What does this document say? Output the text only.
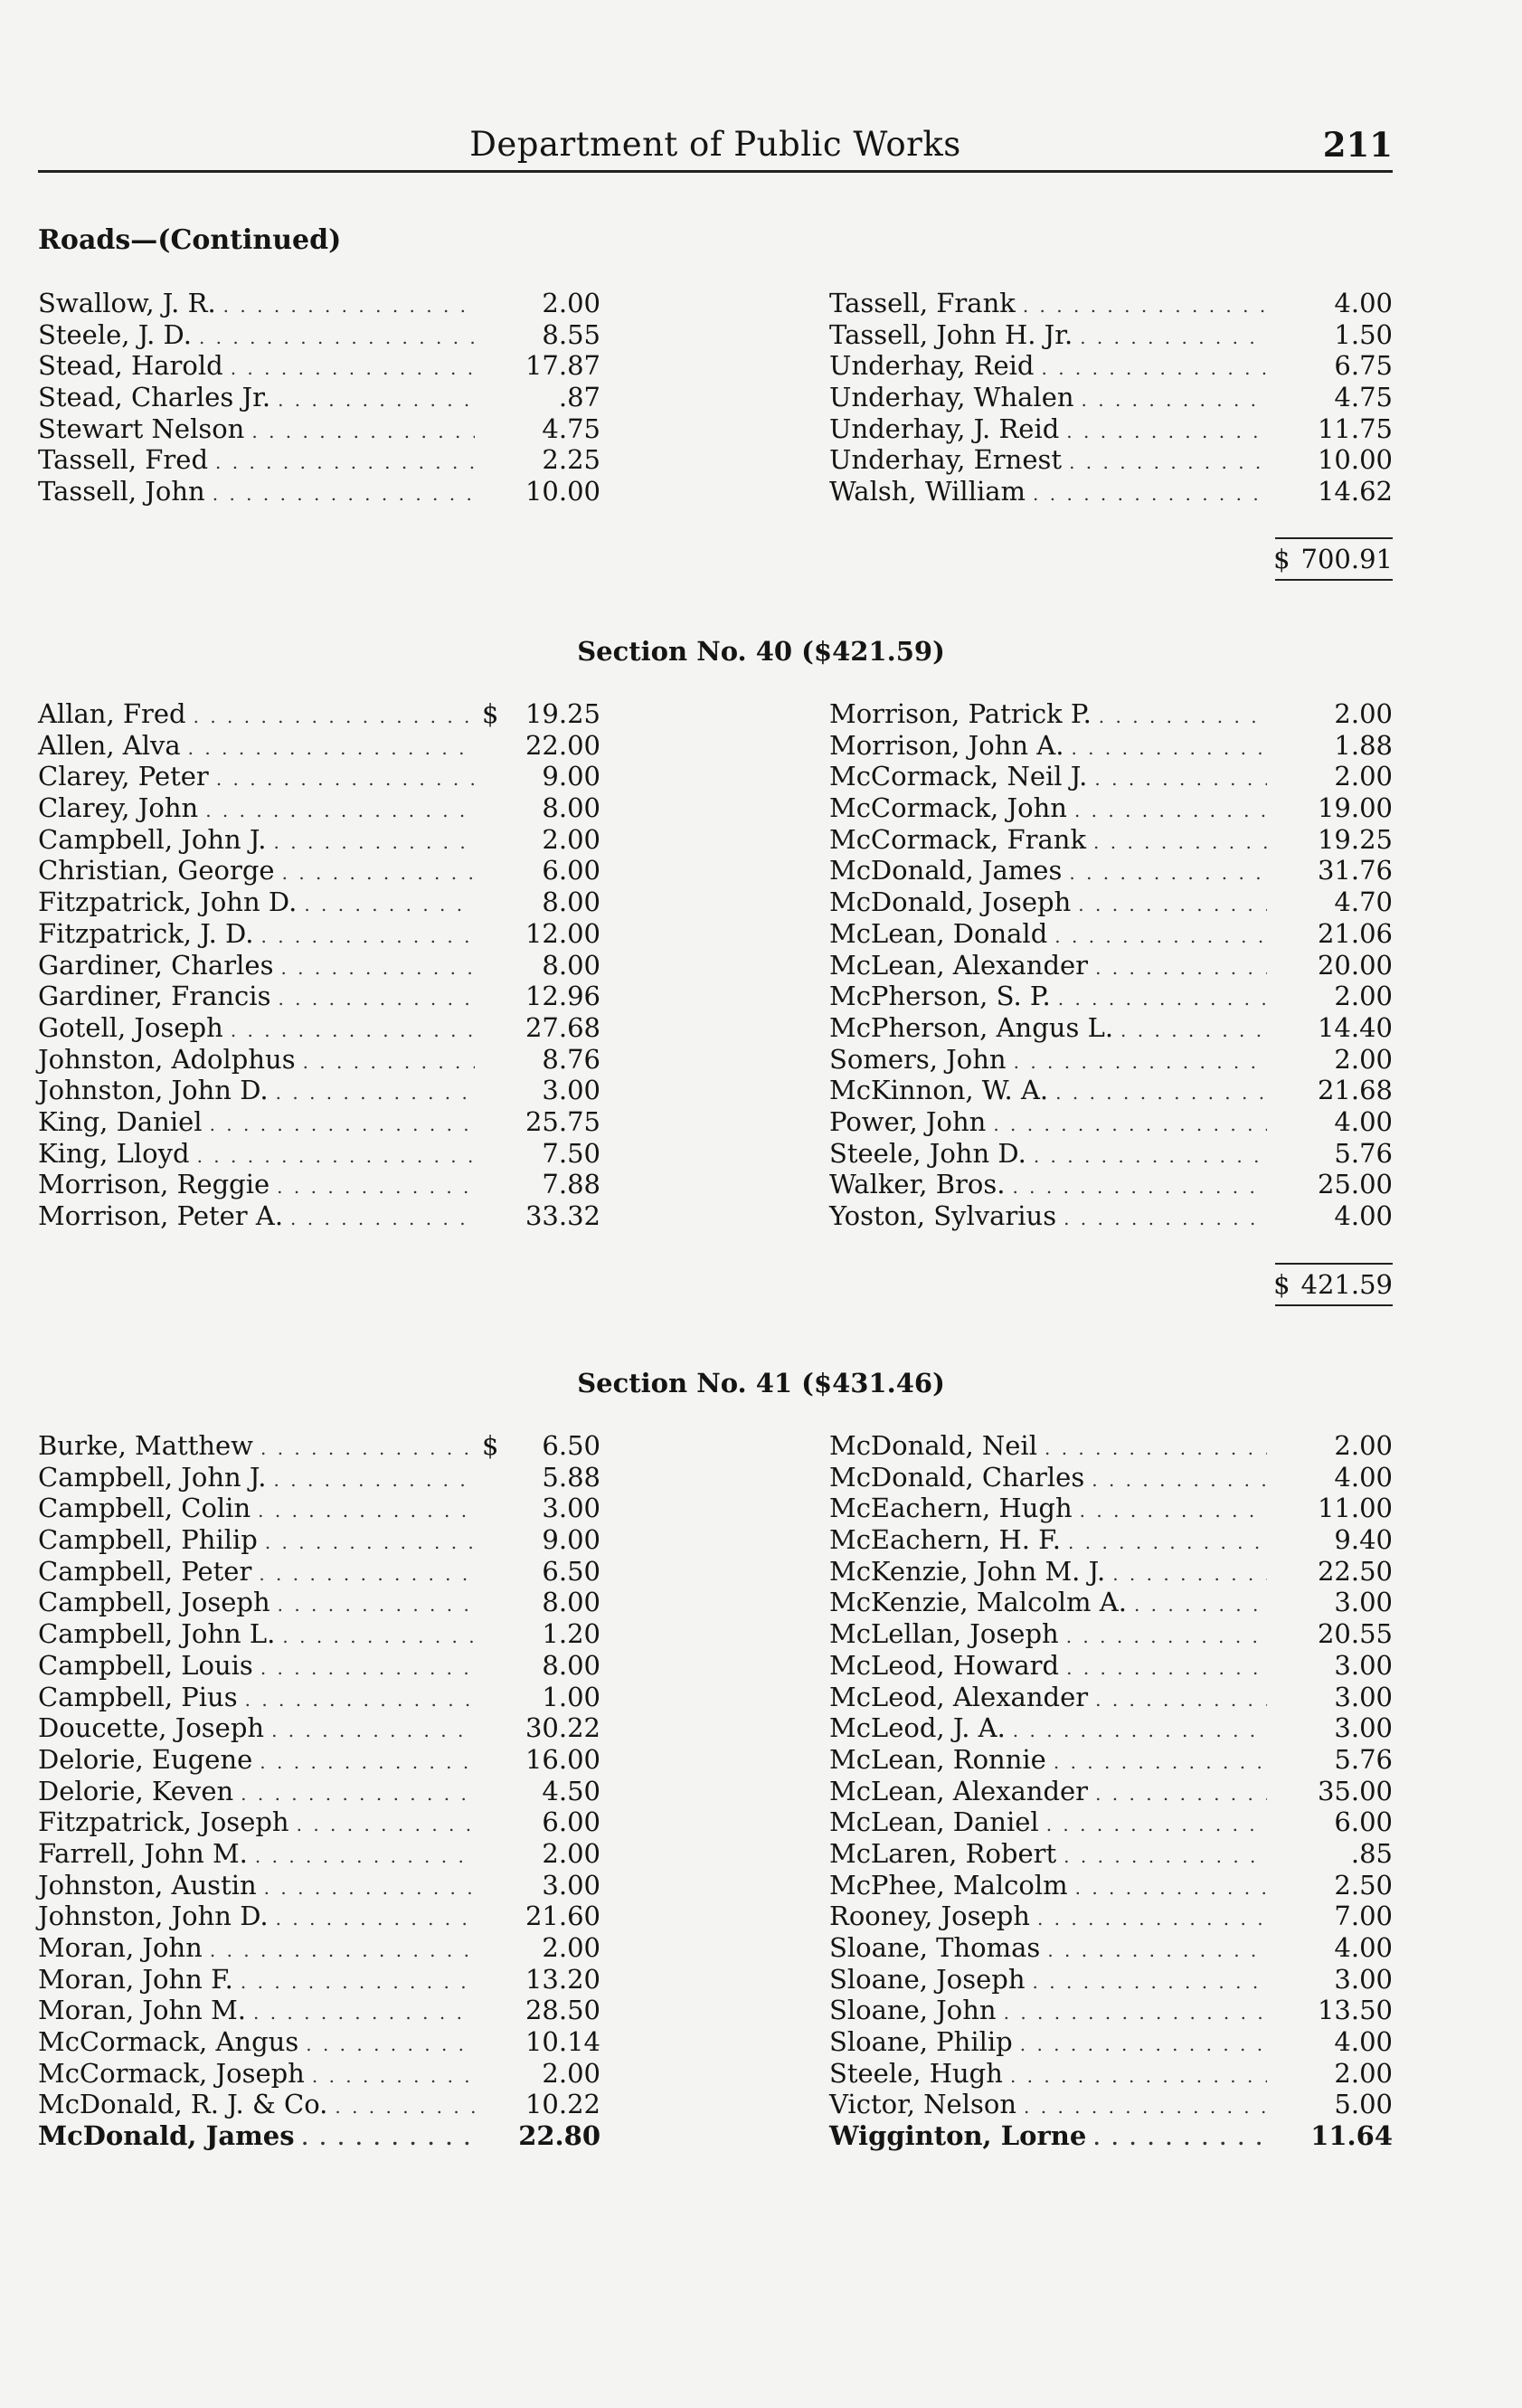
Department of Public Works	211
Roads—(Continued)
Swallow, J. R. . . .	2.00
Steele, J. D. . . .	8.55
Stead, Harold . . .	17.87
Stead, Charles Jr. . . .	.87
Stewart Nelson . . .	4.75
Tassell, Fred . . .	2.25
Tassell, John . . .	10.00
Tassell, Frank . . .	4.00
Tassell, John H. Jr. . . .	1.50
Underhay, Reid . . .	6.75
Underhay, Whalen . . .	4.75
Underhay, J. Reid . . .	11.75
Underhay, Ernest . . .	10.00
Walsh, William . . .	14.62
$ 700.91
Section No. 40 ($421.59)
Allan, Fred . . .	$	19.25
Allen, Alva . . .	22.00
Clarey, Peter . . .	9.00
Clarey, John . . .	8.00
Campbell, John J. . . .	2.00
Christian, George . . .	6.00
Fitzpatrick, John D. . . .	8.00
Fitzpatrick, J. D. . . .	12.00
Gardiner, Charles . . .	8.00
Gardiner, Francis . . .	12.96
Gotell, Joseph . . .	27.68
Johnston, Adolphus . . .	8.76
Johnston, John D. . . .	3.00
King, Daniel . . .	25.75
King, Lloyd . . .	7.50
Morrison, Reggie . . .	7.88
Morrison, Peter A. . . .	33.32
Morrison, Patrick P. . . .	2.00
Morrison, John A. . . .	1.88
McCormack, Neil J. . . .	2.00
McCormack, John . . .	19.00
McCormack, Frank . . .	19.25
McDonald, James . . .	31.76
McDonald, Joseph . . .	4.70
McLean, Donald . . .	21.06
McLean, Alexander . . .	20.00
McPherson, S. P. . . .	2.00
McPherson, Angus L. . . .	14.40
Somers, John . . .	2.00
McKinnon, W. A. . . .	21.68
Power, John . . .	4.00
Steele, John D. . . .	5.76
Walker, Bros. . . .	25.00
Yoston, Sylvarius . . .	4.00
$ 421.59
Section No. 41 ($431.46)
Burke, Matthew . . .	$	6.50
Campbell, John J. . . .	5.88
Campbell, Colin . . .	3.00
Campbell, Philip . . .	9.00
Campbell, Peter . . .	6.50
Campbell, Joseph . . .	8.00
Campbell, John L. . . .	1.20
Campbell, Louis . . .	8.00
Campbell, Pius . . .	1.00
Doucette, Joseph . . .	30.22
Delorie, Eugene . . .	16.00
Delorie, Keven . . .	4.50
Fitzpatrick, Joseph . . .	6.00
Farrell, John M. . . .	2.00
Johnston, Austin . . .	3.00
Johnston, John D. . . .	21.60
Moran, John . . .	2.00
Moran, John F. . . .	13.20
Moran, John M. . . .	28.50
McCormack, Angus . . .	10.14
McCormack, Joseph . . .	2.00
McDonald, R. J. & Co. . . .	10.22
McDonald, James . . .	22.80
McDonald, Neil . . .	2.00
McDonald, Charles . . .	4.00
McEachern, Hugh . . .	11.00
McEachern, H. F. . . .	9.40
McKenzie, John M. J. . . .	22.50
McKenzie, Malcolm A. . . .	3.00
McLellan, Joseph . . .	20.55
McLeod, Howard . . .	3.00
McLeod, Alexander . . .	3.00
McLeod, J. A. . . .	3.00
McLean, Ronnie . . .	5.76
McLean, Alexander . . .	35.00
McLean, Daniel . . .	6.00
McLaren, Robert . . .	.85
McPhee, Malcolm . . .	2.50
Rooney, Joseph . . .	7.00
Sloane, Thomas . . .	4.00
Sloane, Joseph . . .	3.00
Sloane, John . . .	13.50
Sloane, Philip . . .	4.00
Steele, Hugh . . .	2.00
Victor, Nelson . . .	5.00
Wigginton, Lorne . . .	11.64
